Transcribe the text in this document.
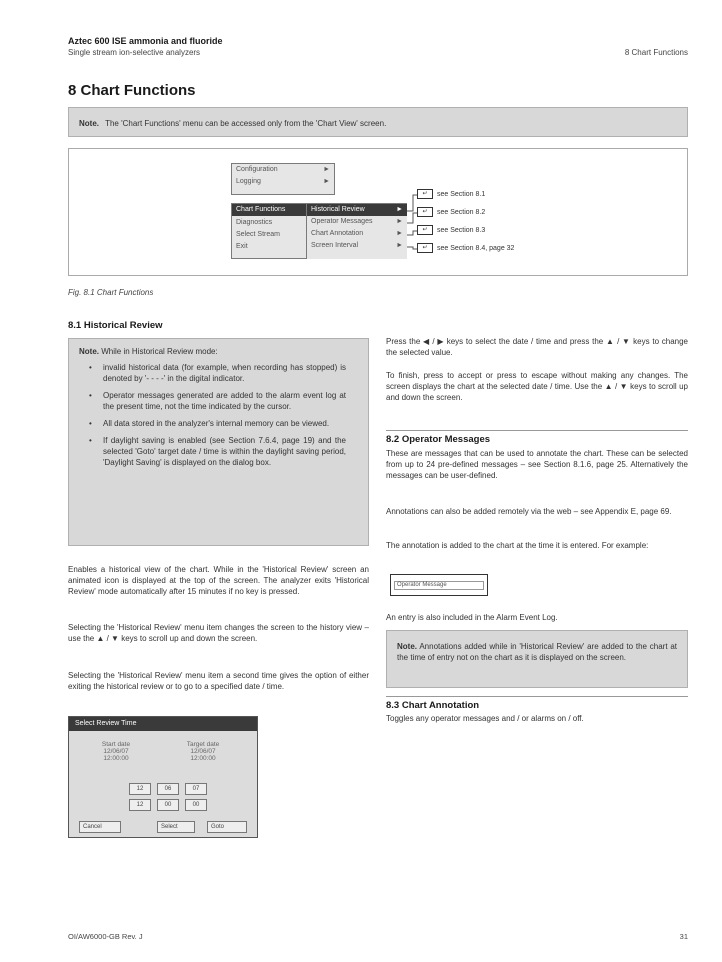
Aztec 600 ISE ammonia and fluoride
Single stream ion-selective analyzers	8 Chart Functions
8 Chart Functions
Note. The 'Chart Functions' menu can be accessed only from the 'Chart View' screen.
Configuration	►
Logging	►
Chart Functions	Historical Review	►
Operator Messages	►
Chart Annotation	►
Screen Interval	►
Diagnostics
Select Stream
Exit
↵	see Section 8.1
↵	see Section 8.2
↵	see Section 8.3
↵	see Section 8.4, page 32
Fig. 8.1 Chart Functions
8.1 Historical Review
Note. While in Historical Review mode:
• invalid historical data (for example, when recording has stopped) is denoted by '- - - -' in the digital indicator.
• Operator messages generated are added to the alarm event log at the present time, not the time indicated by the cursor.
• All data stored in the analyzer's internal memory can be viewed.
• If daylight saving is enabled (see Section 7.6.4, page 19) and the selected 'Goto' target date / time is within the daylight saving period, 'Daylight Saving' is displayed on the dialog box.
Enables a historical view of the chart. While in the 'Historical Review' screen an animated icon is displayed at the top of the screen. The analyzer exits 'Historical Review' mode automatically after 15 minutes if no key is pressed.
Selecting the 'Historical Review' menu item changes the screen to the history view – use the ▲ / ▼ keys to scroll up and down the screen.
Selecting the 'Historical Review' menu item a second time gives the option of either exiting the historical review or to go to a specified date / time.
Select Review Time
Start date
12/06/07
12:00:00
Target date
12/06/07
12:00:00
12	06	07
12	00	00
Cancel	Select	Goto
Press the ◀ / ▶ keys to select the date / time and press the ▲ / ▼ keys to change the selected value.
To finish, press to accept or press to escape without making any changes. The screen displays the chart at the selected date / time. Use the ▲ / ▼ keys to scroll up and down the screen.
8.2 Operator Messages
These are messages that can be used to annotate the chart. These can be selected from up to 24 pre-defined messages – see Section 8.1.6, page 25. Alternatively the messages can be user-defined.
Annotations can also be added remotely via the web – see Appendix E, page 69.
The annotation is added to the chart at the time it is entered. For example:
Operator Message
An entry is also included in the Alarm Event Log.
Note. Annotations added while in 'Historical Review' are added to the chart at the time of entry not on the chart as it is displayed on the screen.
8.3 Chart Annotation
Toggles any operator messages and / or alarms on / off.
OI/AW6000-GB Rev. J	31
